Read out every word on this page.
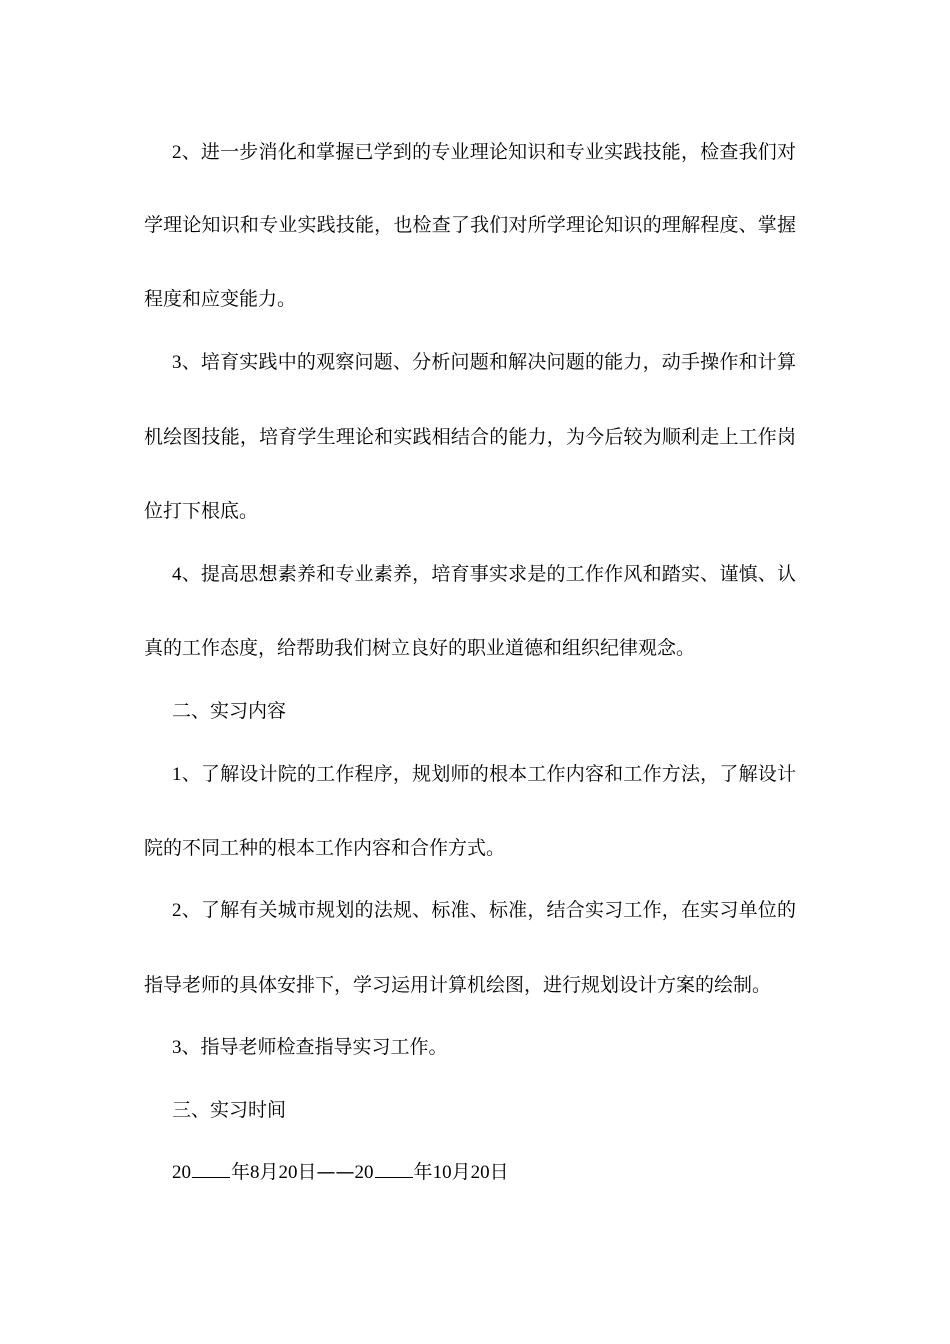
2、进一步消化和掌握已学到的专业理论知识和专业实践技能，检查我们对
学理论知识和专业实践技能，也检查了我们对所学理论知识的理解程度、掌握
程度和应变能力。
3、培育实践中的观察问题、分析问题和解决问题的能力，动手操作和计算
机绘图技能，培育学生理论和实践相结合的能力，为今后较为顺利走上工作岗
位打下根底。
4、提高思想素养和专业素养，培育事实求是的工作作风和踏实、谨慎、认
真的工作态度，给帮助我们树立良好的职业道德和组织纪律观念。
二、实习内容
1、了解设计院的工作程序，规划师的根本工作内容和工作方法，了解设计
院的不同工种的根本工作内容和合作方式。
2、了解有关城市规划的法规、标准、标准，结合实习工作，在实习单位的
指导老师的具体安排下，学习运用计算机绘图，进行规划设计方案的绘制。
3、指导老师检查指导实习工作。
三、实习时间
20 年8月20日——20 年10月20日
